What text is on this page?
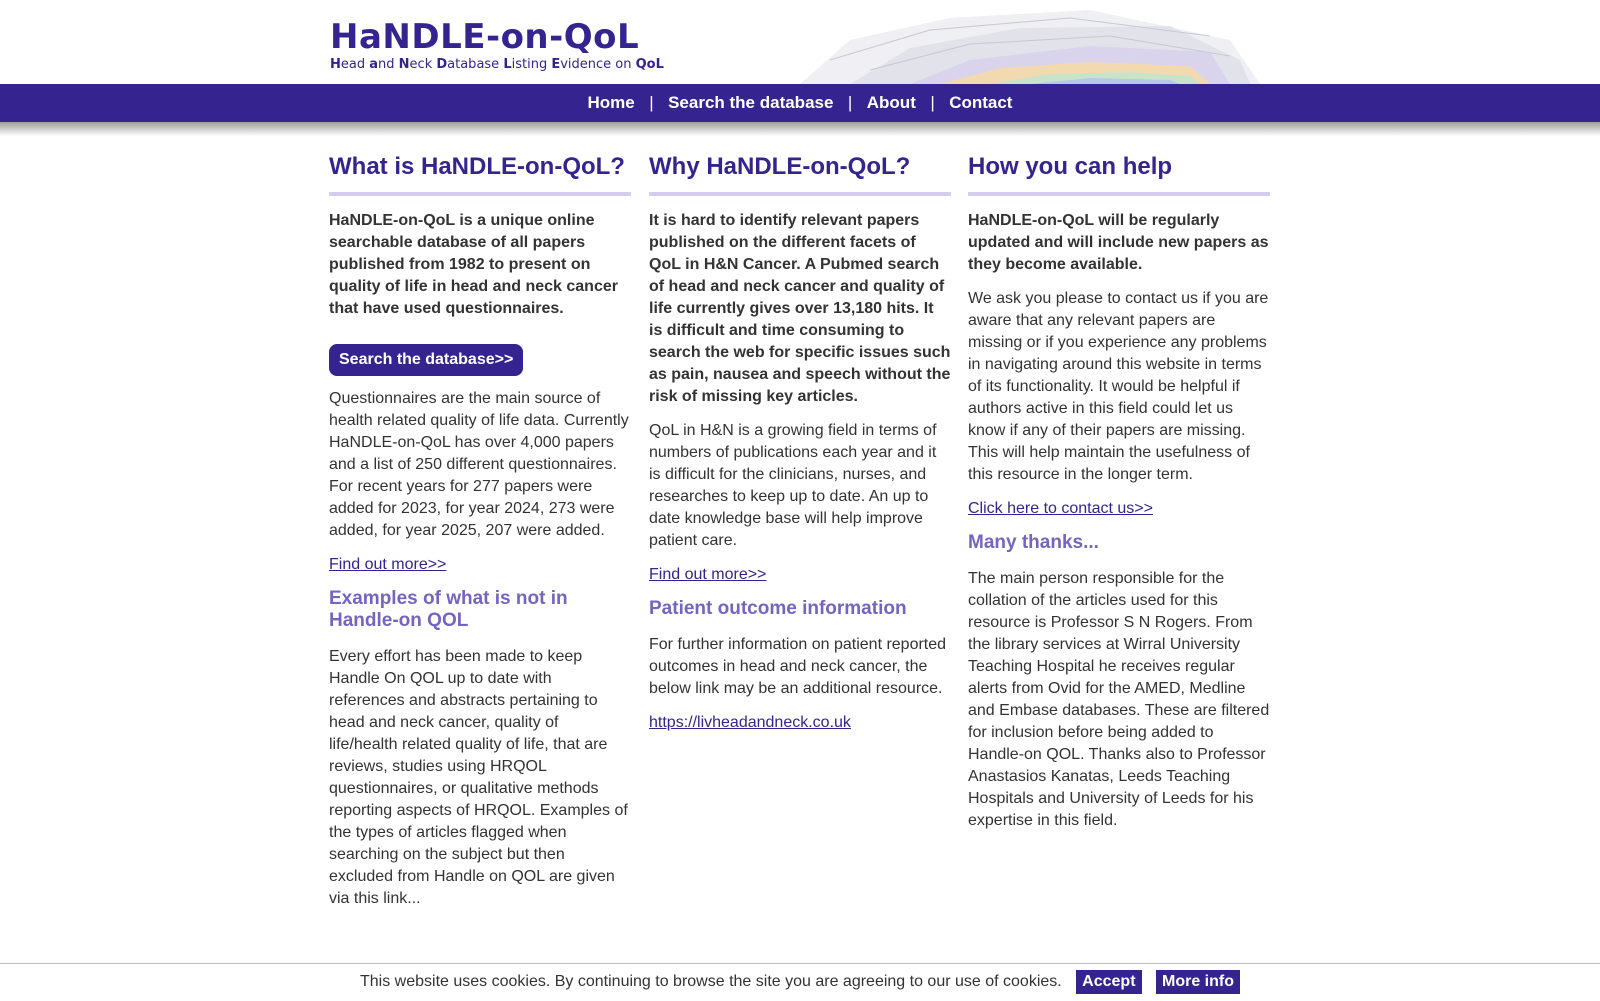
HaNDLE-on-QoL
Head and Neck Database Listing Evidence on QoL
Home | Search the database | About | Contact
What is HaNDLE-on-QoL?

HaNDLE-on-QoL is a unique online searchable database of all papers published from 1982 to present on quality of life in head and neck cancer that have used questionnaires.

Search the database>>

Questionnaires are the main source of health related quality of life data. Currently HaNDLE-on-QoL has over 4,000 papers and a list of 250 different questionnaires. For recent years for 277 papers were added for 2023, for year 2024, 273 were added, for year 2025, 207 were added.

Find out more>>
Examples of what is not in Handle-on QOL

Every effort has been made to keep Handle On QOL up to date with references and abstracts pertaining to head and neck cancer, quality of life/health related quality of life, that are reviews, studies using HRQOL questionnaires, or qualitative methods reporting aspects of HRQOL. Examples of the types of articles flagged when searching on the subject but then excluded from Handle on QOL are given via this link...

Why HaNDLE-on-QoL?

It is hard to identify relevant papers published on the different facets of QoL in H&N Cancer. A Pubmed search of head and neck cancer and quality of life currently gives over 13,180 hits. It is difficult and time consuming to search the web for specific issues such as pain, nausea and speech without the risk of missing key articles.

QoL in H&N is a growing field in terms of numbers of publications each year and it is difficult for the clinicians, nurses, and researches to keep up to date. An up to date knowledge base will help improve patient care.

Find out more>>
Patient outcome information

For further information on patient reported outcomes in head and neck cancer, the below link may be an additional resource.

https://livheadandneck.co.uk
How you can help

HaNDLE-on-QoL will be regularly updated and will include new papers as they become available.

We ask you please to contact us if you are aware that any relevant papers are missing or if you experience any problems in navigating around this website in terms of its functionality. It would be helpful if authors active in this field could let us know if any of their papers are missing. This will help maintain the usefulness of this resource in the longer term.

Click here to contact us>>
Many thanks...

The main person responsible for the collation of the articles used for this resource is Professor S N Rogers. From the library services at Wirral University Teaching Hospital he receives regular alerts from Ovid for the AMED, Medline and Embase databases. These are filtered for inclusion before being added to Handle-on QOL. Thanks also to Professor Anastasios Kanatas, Leeds Teaching Hospitals and University of Leeds for his expertise in this field.

This website uses cookies. By continuing to browse the site you are agreeing to our use of cookies. Accept More info
